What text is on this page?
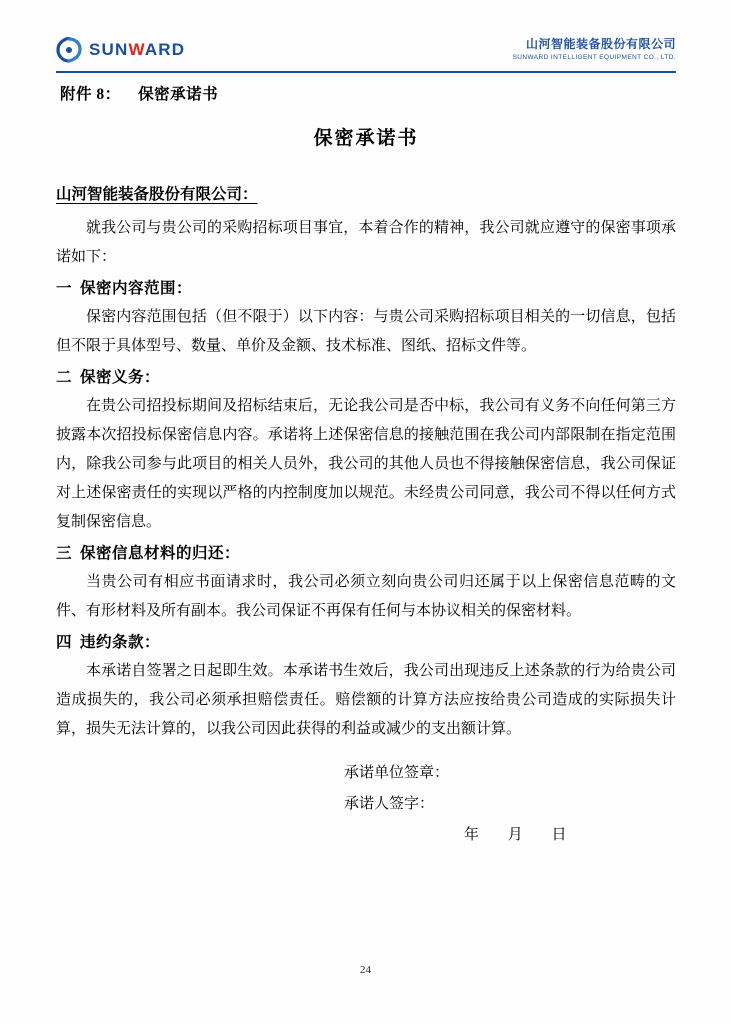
SUNWARD	山河智能装备股份有限公司
SUNWARD INTELLIGENT EQUIPMENT CO., LTD.
附件 8： 保密承诺书
保密承诺书
山河智能装备股份有限公司：

就我公司与贵公司的采购招标项目事宜，本着合作的精神，我公司就应遵守的保密事项承诺如下：

一 保密内容范围：

保密内容范围包括（但不限于）以下内容：与贵公司采购招标项目相关的一切信息，包括但不限于具体型号、数量、单价及金额、技术标准、图纸、招标文件等。

二 保密义务：

在贵公司招投标期间及招标结束后，无论我公司是否中标，我公司有义务不向任何第三方披露本次招投标保密信息内容。承诺将上述保密信息的接触范围在我公司内部限制在指定范围内，除我公司参与此项目的相关人员外，我公司的其他人员也不得接触保密信息，我公司保证对上述保密责任的实现以严格的内控制度加以规范。未经贵公司同意，我公司不得以任何方式复制保密信息。

三 保密信息材料的归还：

当贵公司有相应书面请求时，我公司必须立刻向贵公司归还属于以上保密信息范畴的文件、有形材料及所有副本。我公司保证不再保有任何与本协议相关的保密材料。

四 违约条款：

本承诺自签署之日起即生效。本承诺书生效后，我公司出现违反上述条款的行为给贵公司造成损失的，我公司必须承担赔偿责任。赔偿额的计算方法应按给贵公司造成的实际损失计算，损失无法计算的，以我公司因此获得的利益或减少的支出额计算。

承诺单位签章：
承诺人签字：
年 月 日
24
